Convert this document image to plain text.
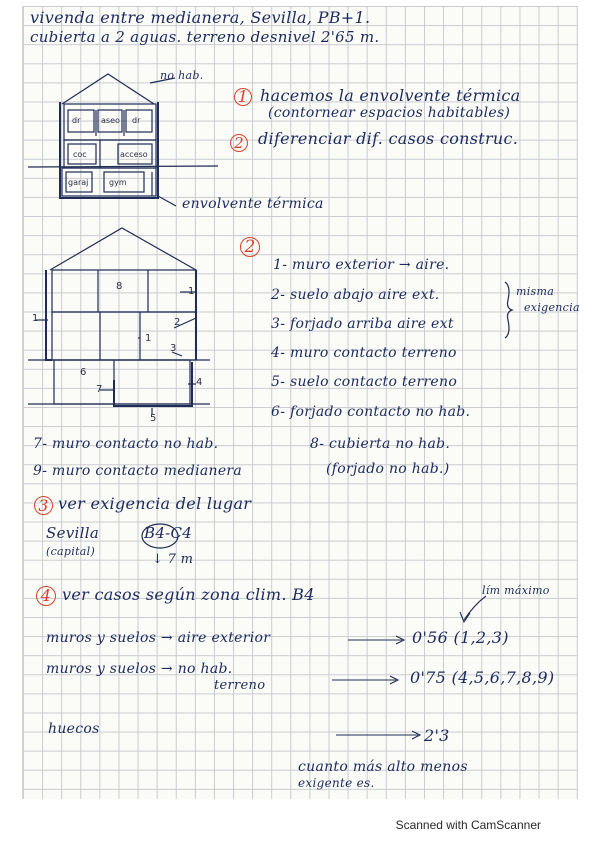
vivenda entre medianera, Sevilla, PB+1.
cubierta a 2 aguas. terreno desnivel 2'65 m.
dr	aseo dr
coc	acceso
garaj	gym
no hab.
envolvente térmica
1 hacemos la envolvente térmica
(contornear espacios habitables)
2 diferenciar dif. casos construc.
2
8	1
1	2
1
3
6
7
4
5
1- muro exterior → aire.
2- suelo abajo aire ext.
3- forjado arriba aire ext
misma
exigencia
4- muro contacto terreno
5- suelo contacto terreno
6- forjado contacto no hab.
7- muro contacto no hab.	8- cubierta no hab.
(forjado no hab.)
9- muro contacto medianera
3 ver exigencia del lugar
Sevilla
(capital)
B4-C4
↓ 7 m
4 ver casos según zona clim. B4	lím máximo
muros y suelos → aire exterior	0'56 (1,2,3)
muros y suelos → no hab.
terreno	0'75 (4,5,6,7,8,9)
huecos	2'3
cuanto más alto menos
exigente es.
Scanned with CamScanner
